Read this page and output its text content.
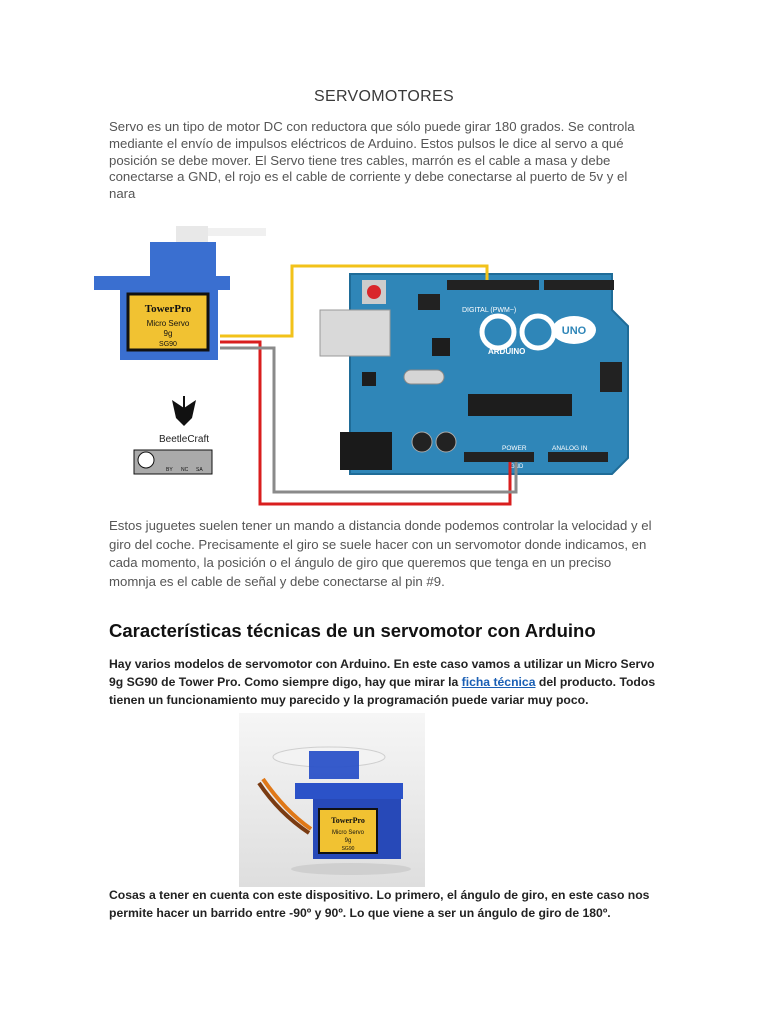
SERVOMOTORES
Servo es un tipo de motor DC con reductora que sólo puede girar 180 grados. Se controla mediante el envío de impulsos eléctricos de Arduino. Estos pulsos le dice al servo a qué posición se debe mover. El Servo tiene tres cables, marrón es el cable a masa y debe conectarse a GND, el rojo es el cable de corriente y debe conectarse al puerto de 5v y el nara
UNO
ARDUINO
DIGITAL (PWM~)
POWER	ANALOG IN
GND
TowerPro
Micro Servo
9g
SG90
BeetleCraft
BY NC SA
Estos juguetes suelen tener un mando a distancia donde podemos controlar la velocidad y el giro del coche. Precisamente el giro se suele hacer con un servomotor donde indicamos, en cada momento, la posición o el ángulo de giro que queremos que tenga en un preciso momnja es el cable de señal y debe conectarse al pin #9.
Características técnicas de un servomotor con Arduino
Hay varios modelos de servomotor con Arduino. En este caso vamos a utilizar un Micro Servo 9g SG90 de Tower Pro. Como siempre digo, hay que mirar la ficha técnica del producto. Todos tienen un funcionamiento muy parecido y la programación puede variar muy poco.
TowerPro
Micro Servo
9g
SG90
Cosas a tener en cuenta con este dispositivo. Lo primero, el ángulo de giro, en este caso nos permite hacer un barrido entre -90º y 90º. Lo que viene a ser un ángulo de giro de 180º.
